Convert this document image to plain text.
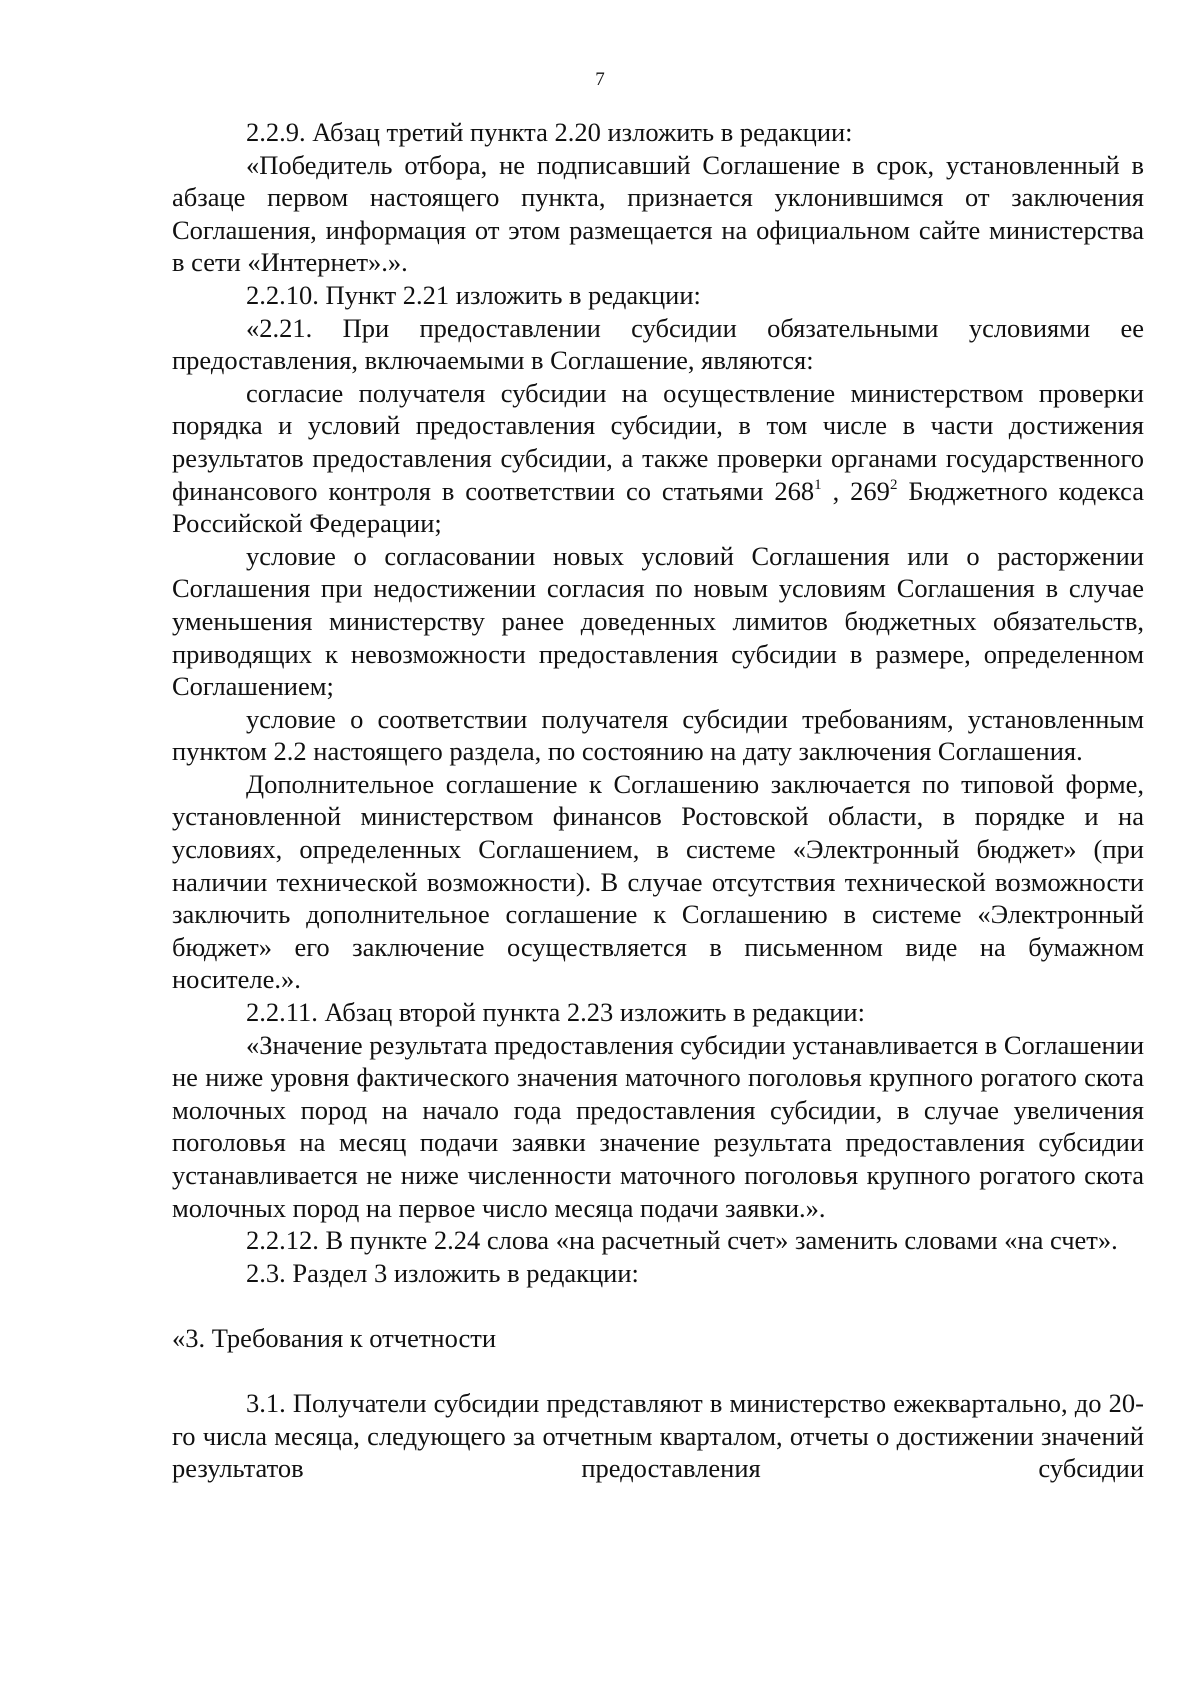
7

2.2.9. Абзац третий пункта 2.20 изложить в редакции:

«Победитель отбора, не подписавший Соглашение в срок, установленный в абзаце первом настоящего пункта, признается уклонившимся от заключения Соглашения, информация от этом размещается на официальном сайте министерства в сети «Интернет».».

2.2.10. Пункт 2.21 изложить в редакции:

«2.21. При предоставлении субсидии обязательными условиями ее предоставления, включаемыми в Соглашение, являются:

согласие получателя субсидии на осуществление министерством проверки порядка и условий предоставления субсидии, в том числе в части достижения результатов предоставления субсидии, а также проверки органами государственного финансового контроля в соответствии со статьями $268^1$ , $269^2$ Бюджетного кодекса Российской Федерации;

условие о согласовании новых условий Соглашения или о расторжении Соглашения при недостижении согласия по новым условиям Соглашения в случае уменьшения министерству ранее доведенных лимитов бюджетных обязательств, приводящих к невозможности предоставления субсидии в размере, определенном Соглашением;

условие о соответствии получателя субсидии требованиям, установленным пунктом 2.2 настоящего раздела, по состоянию на дату заключения Соглашения.

Дополнительное соглашение к Соглашению заключается по типовой форме, установленной министерством финансов Ростовской области, в порядке и на условиях, определенных Соглашением, в системе «Электронный бюджет» (при наличии технической возможности). В случае отсутствия технической возможности заключить дополнительное соглашение к Соглашению в системе «Электронный бюджет» его заключение осуществляется в письменном виде на бумажном носителе.».

2.2.11. Абзац второй пункта 2.23 изложить в редакции:

«Значение результата предоставления субсидии устанавливается в Соглашении не ниже уровня фактического значения маточного поголовья крупного рогатого скота молочных пород на начало года предоставления субсидии, в случае увеличения поголовья на месяц подачи заявки значение результата предоставления субсидии устанавливается не ниже численности маточного поголовья крупного рогатого скота молочных пород на первое число месяца подачи заявки.».

2.2.12. В пункте 2.24 слова «на расчетный счет» заменить словами «на счет».

2.3. Раздел 3 изложить в редакции:

«3. Требования к отчетности

3.1. Получатели субсидии представляют в министерство ежеквартально, до 20-го числа месяца, следующего за отчетным кварталом, отчеты о достижении значений результатов предоставления субсидии
